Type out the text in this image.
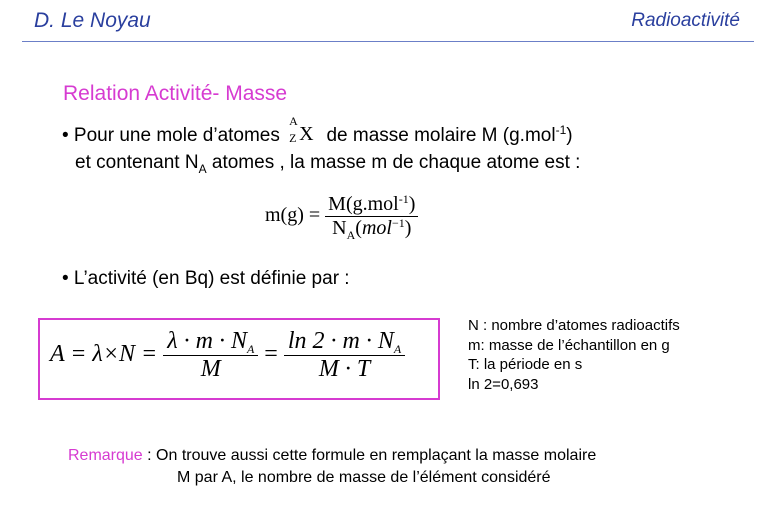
D. Le Noyau	Radioactivité
Relation Activité- Masse
• Pour une mole d’atomes
A
Z X de masse molaire M (g.mol$^{-1}$)
et contenant $N_A$ atomes , la masse m de chaque atome est :
$m(g) = \frac{M(g.mol^{-1})}{N_A(mol^{-1})}$
• L’activité (en Bq) est définie par :
$A = \lambda\times N = \frac{\lambda \cdot m \cdot N_A}{M} = \frac{\ln 2 \cdot m \cdot N_A}{M \cdot T}$
N : nombre d’atomes radioactifs
m: masse de l’échantillon en g
T: la période en s
ln 2=0,693
Remarque : On trouve aussi cette formule en remplaçant la masse molaire
M par A, le nombre de masse de l’élément considéré
